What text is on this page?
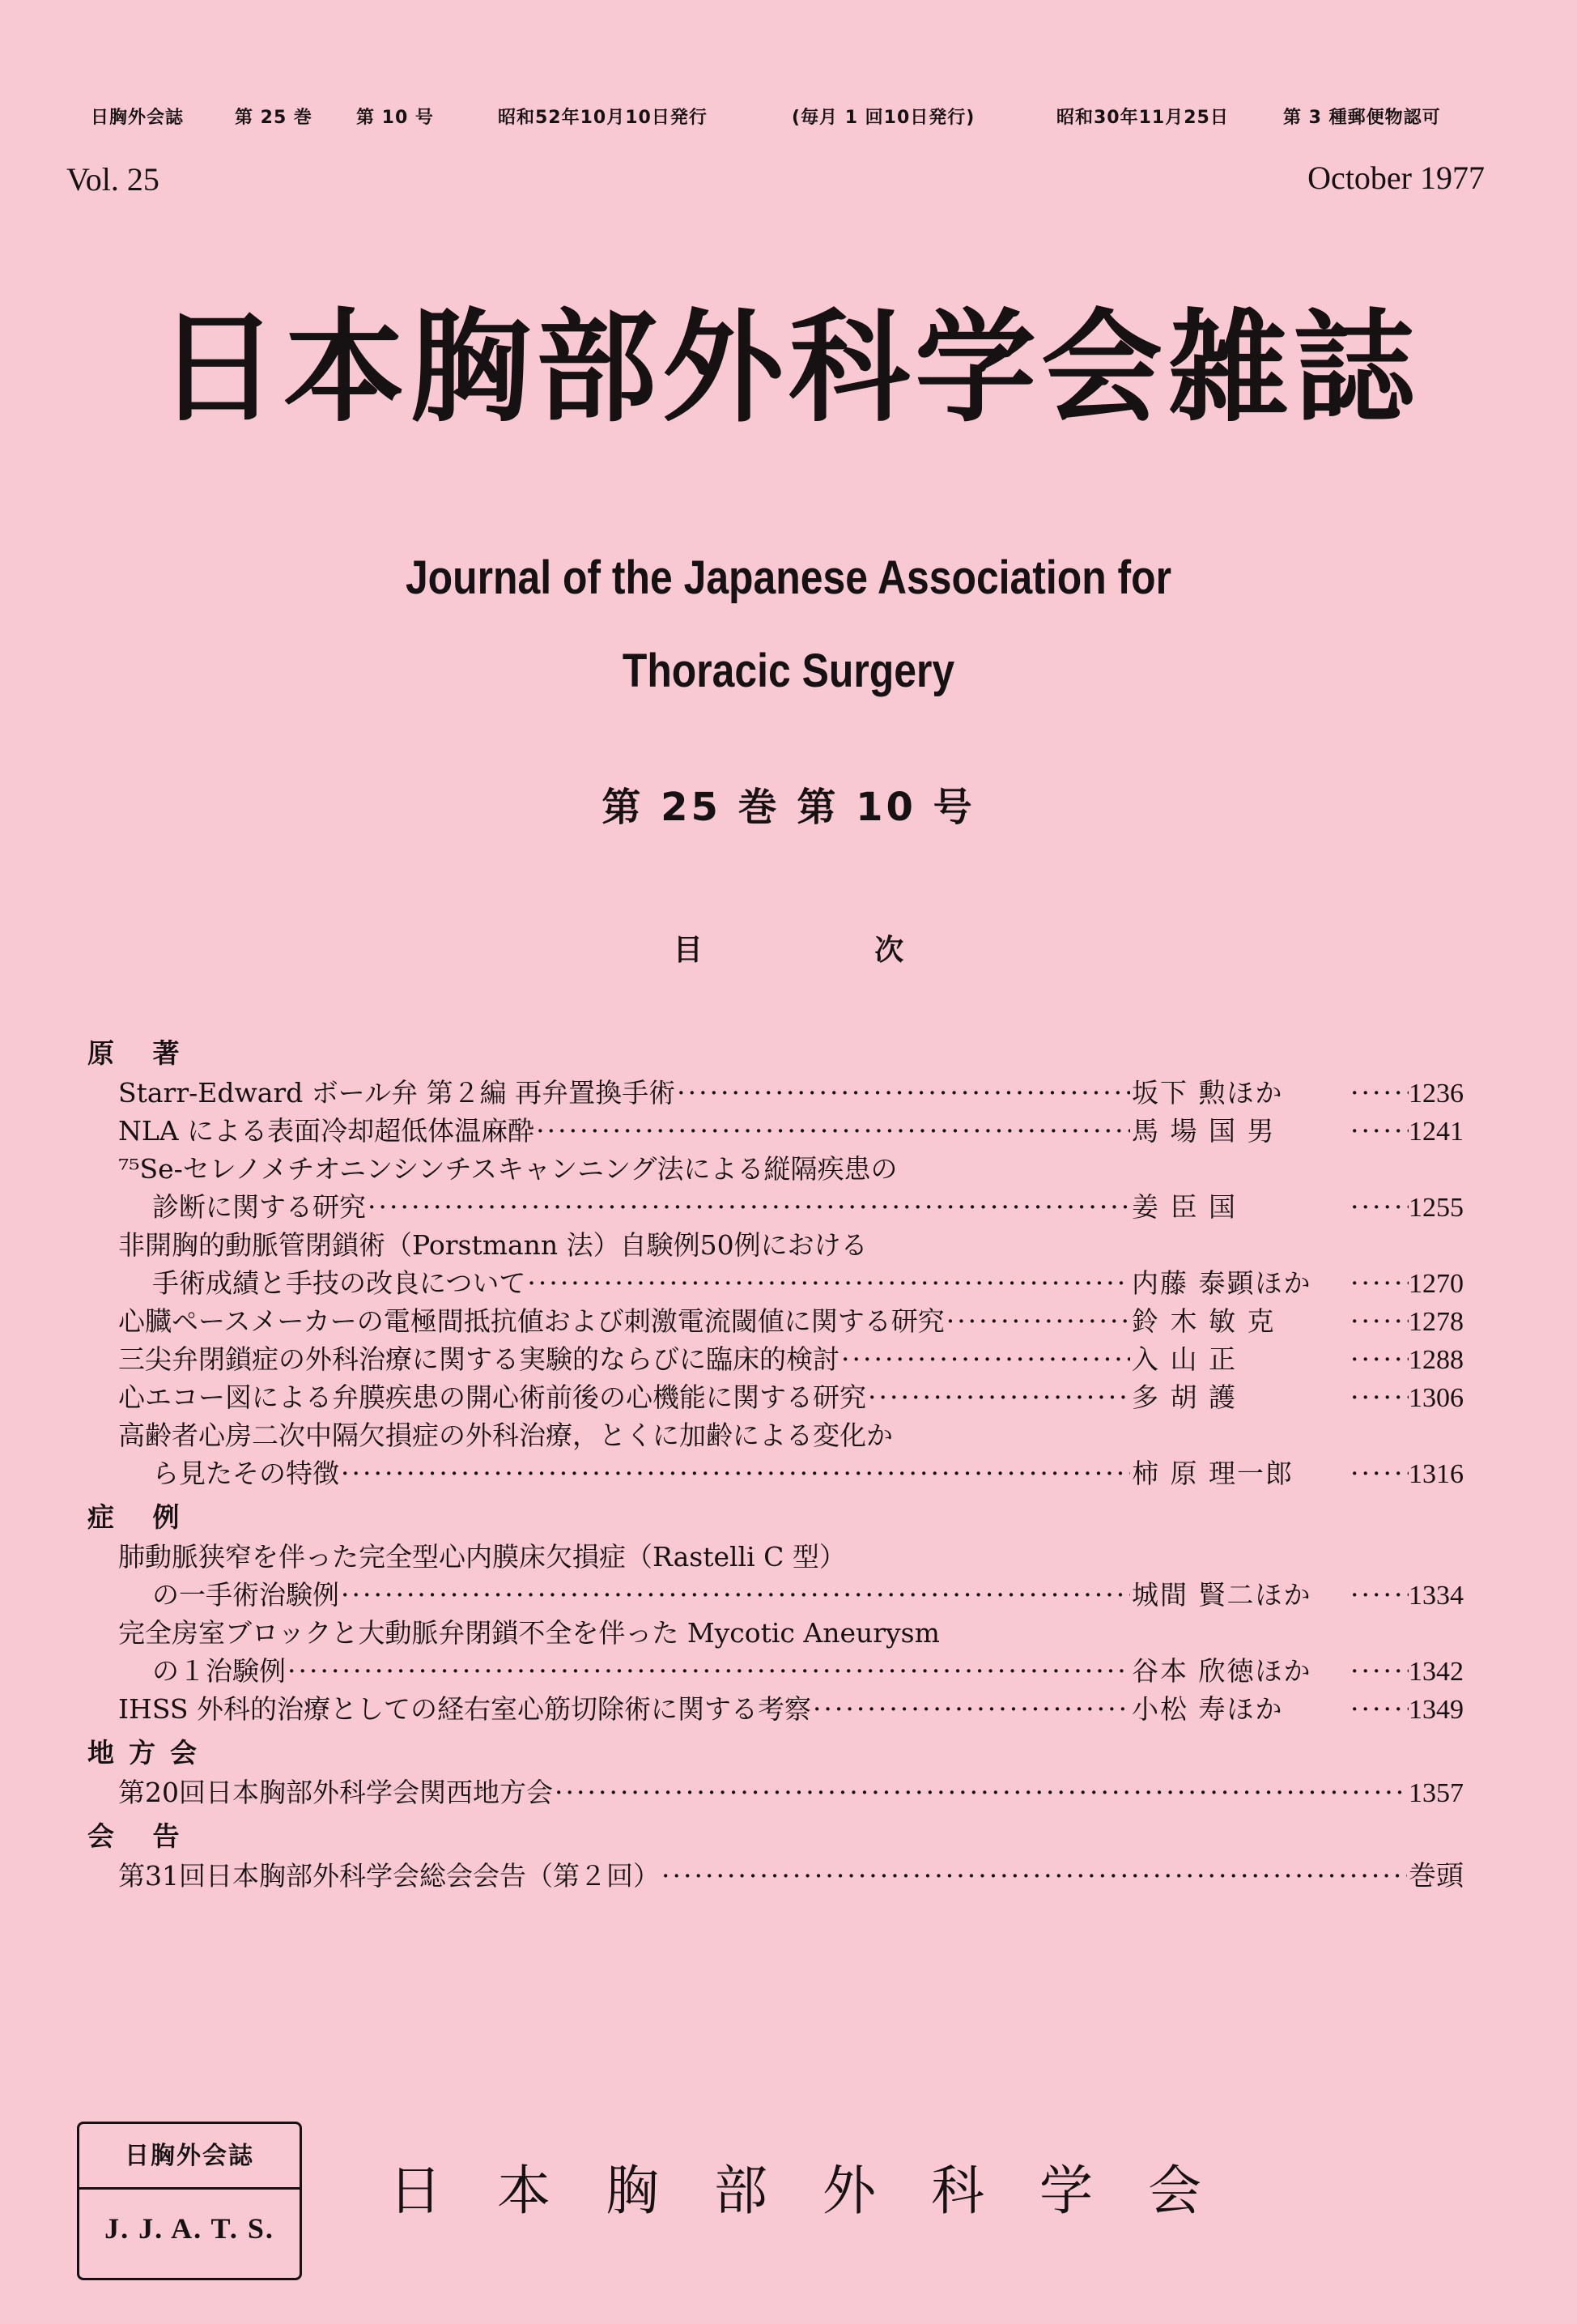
日胸外会誌	第 25 巻 第 10 号	昭和52年10月10日発行	(毎月 1 回10日発行)	昭和30年11月25日	第 3 種郵便物認可
Vol. 25	October 1977
日本胸部外科学会雑誌
Journal of the Japanese Association for
Thoracic Surgery
第 25 巻 第 10 号
目 次
原 著
Starr-Edward ボール弁 第２編 再弁置換手術 ·····	坂下 勲ほか ·····	1236
NLA による表面冷却超低体温麻酔 ·····	馬 場 国 男 ·····	1241
⁷⁵Se-セレノメチオニンシンチスキャンニング法による縦隔疾患の
診断に関する研究 ·····	姜 臣 国 ·····	1255
非開胸的動脈管閉鎖術（Porstmann 法）自験例50例における
手術成績と手技の改良について ·····	内藤 泰顕ほか ·····	1270
心臓ペースメーカーの電極間抵抗値および刺激電流閾値に関する研究 ·····	鈴 木 敏 克 ·····	1278
三尖弁閉鎖症の外科治療に関する実験的ならびに臨床的検討 ·····	入 山 正 ·····	1288
心エコー図による弁膜疾患の開心術前後の心機能に関する研究 ·····	多 胡 護 ·····	1306
高齢者心房二次中隔欠損症の外科治療，とくに加齢による変化か
ら見たその特徴 ·····	柿 原 理一郎 ·····	1316
症 例
肺動脈狭窄を伴った完全型心内膜床欠損症（Rastelli C 型）
の一手術治験例 ·····	城間 賢二ほか ·····	1334
完全房室ブロックと大動脈弁閉鎖不全を伴った Mycotic Aneurysm
の１治験例 ·····	谷本 欣徳ほか ·····	1342
IHSS 外科的治療としての経右室心筋切除術に関する考察 ·····	小松 寿ほか ·····	1349
地方会
第20回日本胸部外科学会関西地方会 ·····	1357
会 告
第31回日本胸部外科学会総会会告（第２回） ·····	巻頭
日胸外会誌
J. J. A. T. S.
日本胸部外科学会
